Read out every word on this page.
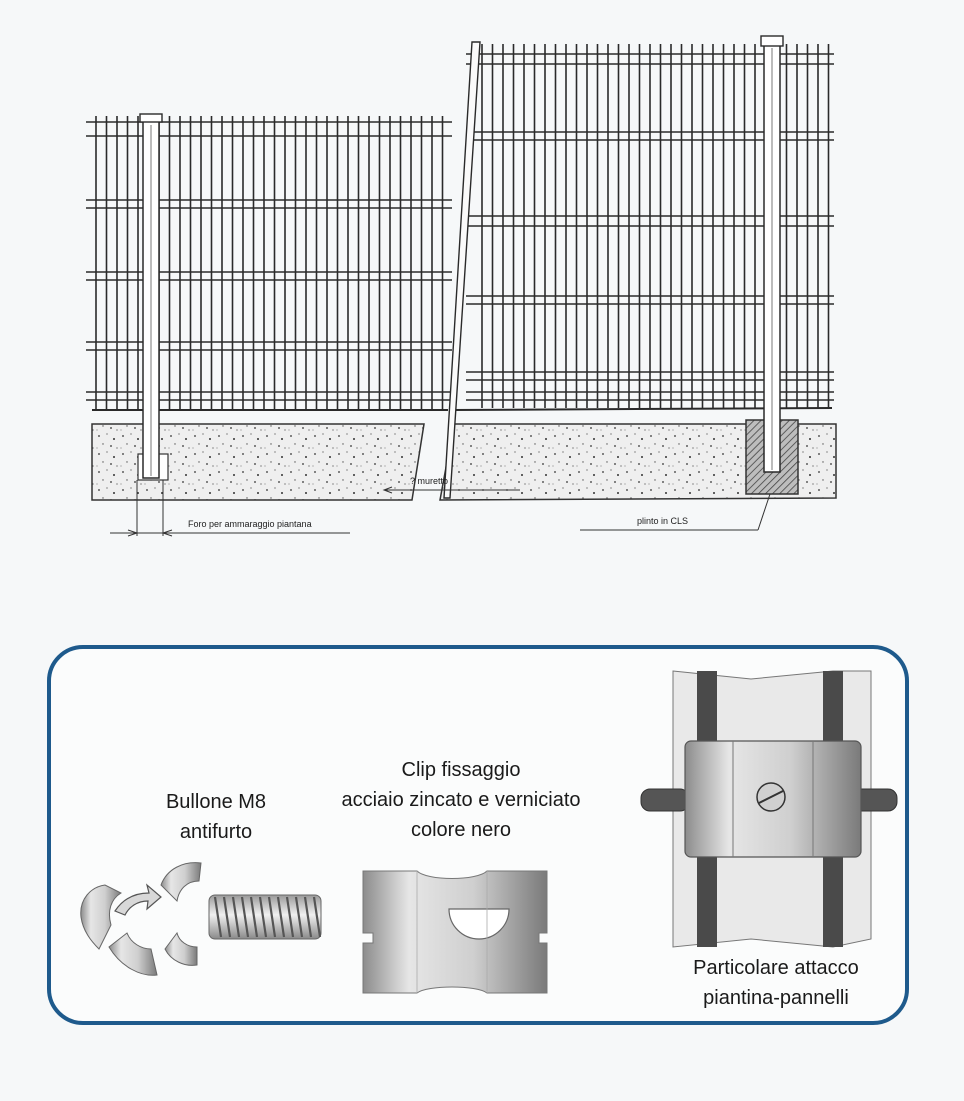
? muretto
Foro per ammaraggio piantana	plinto in CLS
Bullone M8
antifurto
Clip fissaggio
acciaio zincato e verniciato
colore nero
Particolare attacco
piantina-pannelli
